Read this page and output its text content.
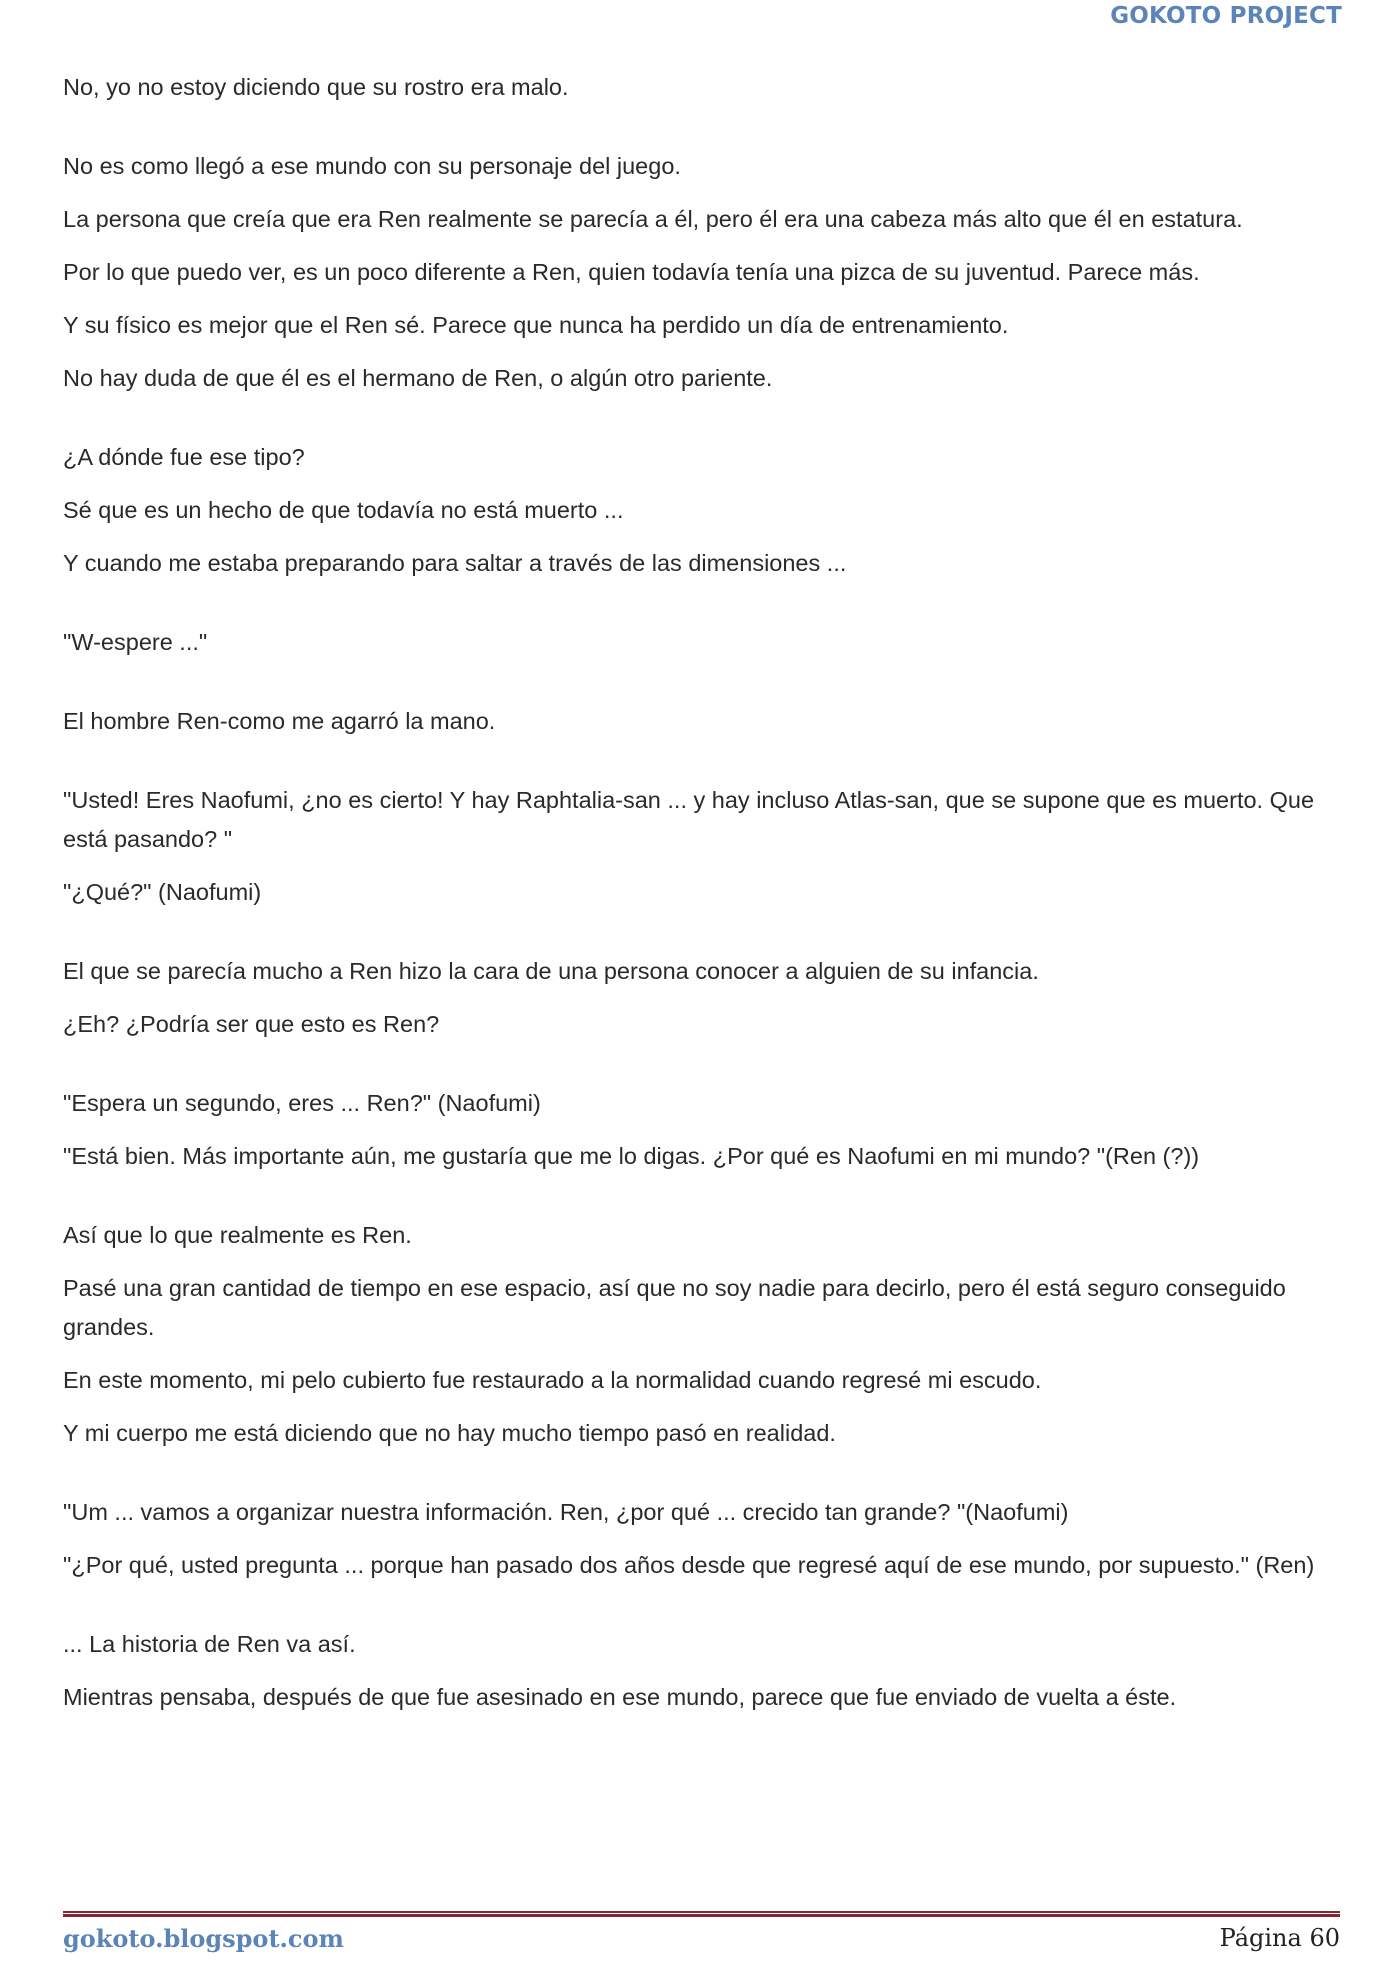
GOKOTO PROJECT

No, yo no estoy diciendo que su rostro era malo.

No es como llegó a ese mundo con su personaje del juego.

La persona que creía que era Ren realmente se parecía a él, pero él era una cabeza más alto que él en estatura.

Por lo que puedo ver, es un poco diferente a Ren, quien todavía tenía una pizca de su juventud. Parece más.

Y su físico es mejor que el Ren sé. Parece que nunca ha perdido un día de entrenamiento.

No hay duda de que él es el hermano de Ren, o algún otro pariente.

¿A dónde fue ese tipo?

Sé que es un hecho de que todavía no está muerto ...

Y cuando me estaba preparando para saltar a través de las dimensiones ...

"W-espere ..."

El hombre Ren-como me agarró la mano.

"Usted! Eres Naofumi, ¿no es cierto! Y hay Raphtalia-san ... y hay incluso Atlas-san, que se supone que es muerto. Que está pasando? "

"¿Qué?" (Naofumi)

El que se parecía mucho a Ren hizo la cara de una persona conocer a alguien de su infancia.

¿Eh? ¿Podría ser que esto es Ren?

"Espera un segundo, eres ... Ren?" (Naofumi)

"Está bien. Más importante aún, me gustaría que me lo digas. ¿Por qué es Naofumi en mi mundo? "(Ren (?))

Así que lo que realmente es Ren.

Pasé una gran cantidad de tiempo en ese espacio, así que no soy nadie para decirlo, pero él está seguro conseguido grandes.

En este momento, mi pelo cubierto fue restaurado a la normalidad cuando regresé mi escudo.

Y mi cuerpo me está diciendo que no hay mucho tiempo pasó en realidad.

"Um ... vamos a organizar nuestra información. Ren, ¿por qué ... crecido tan grande? "(Naofumi)

"¿Por qué, usted pregunta ... porque han pasado dos años desde que regresé aquí de ese mundo, por supuesto." (Ren)

... La historia de Ren va así.

Mientras pensaba, después de que fue asesinado en ese mundo, parece que fue enviado de vuelta a éste.

gokoto.blogspot.com	Página 60
